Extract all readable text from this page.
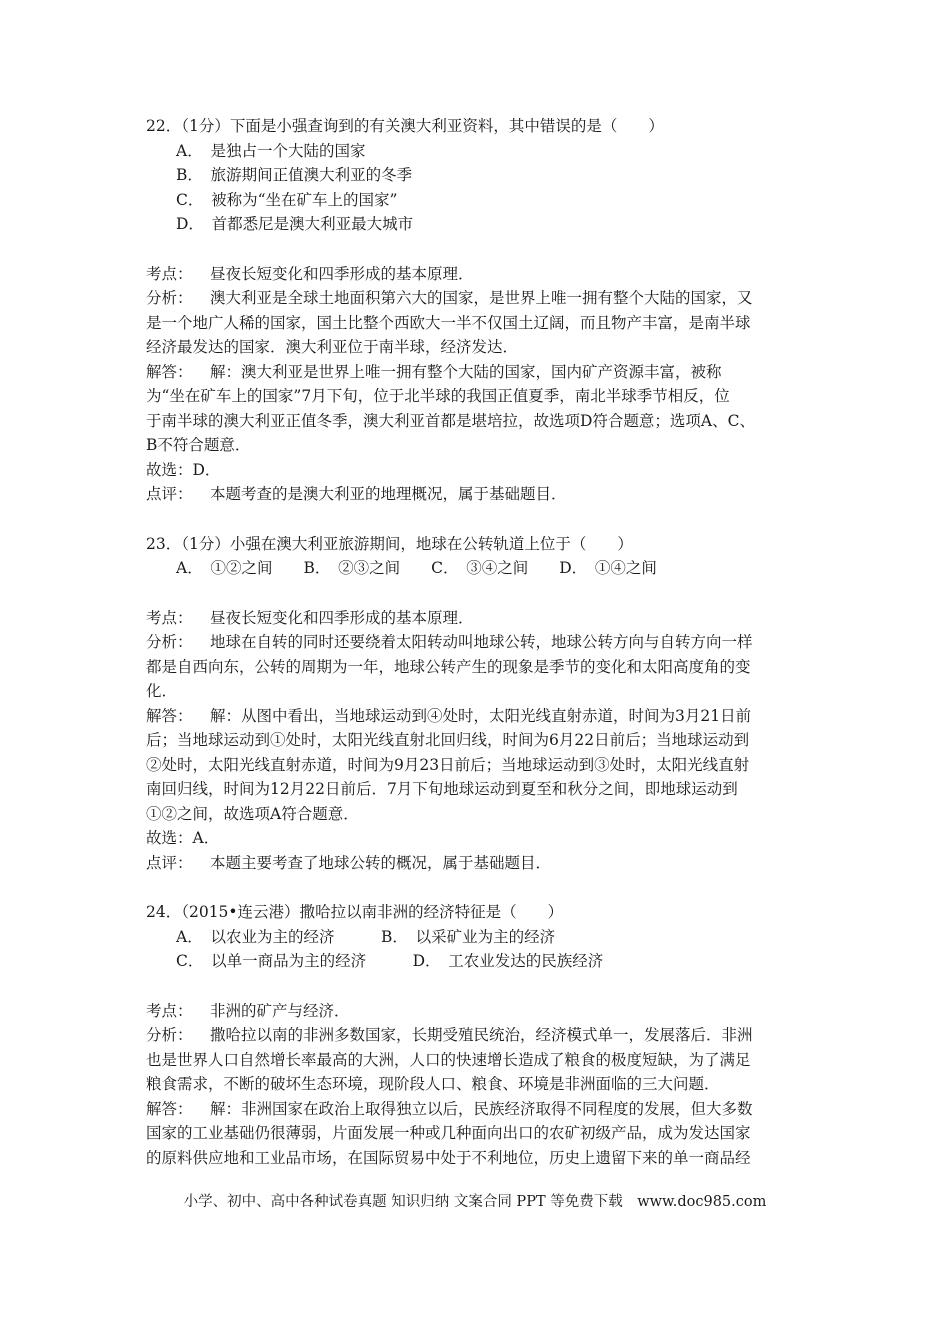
22．（1分）下面是小强查询到的有关澳大利亚资料，其中错误的是（　　）
A．　是独占一个大陆的国家
B．　旅游期间正值澳大利亚的冬季
C．　被称为“坐在矿车上的国家”
D．　首都悉尼是澳大利亚最大城市
考点： 昼夜长短变化和四季形成的基本原理．
分析： 澳大利亚是全球土地面积第六大的国家，是世界上唯一拥有整个大陆的国家，又
是一个地广人稀的国家，国土比整个西欧大一半不仅国土辽阔，而且物产丰富，是南半球
经济最发达的国家．澳大利亚位于南半球，经济发达．
解答： 解：澳大利亚是世界上唯一拥有整个大陆的国家，国内矿产资源丰富，被称
为“坐在矿车上的国家”7月下旬，位于北半球的我国正值夏季，南北半球季节相反，位
于南半球的澳大利亚正值冬季，澳大利亚首都是堪培拉，故选项D符合题意；选项A、C、
B不符合题意．
故选：D．
点评： 本题考查的是澳大利亚的地理概况，属于基础题目．
23．（1分）小强在澳大利亚旅游期间，地球在公转轨道上位于（　　）
A．　①②之间　　B．　②③之间　　C．　③④之间　　D．　①④之间
考点： 昼夜长短变化和四季形成的基本原理．
分析： 地球在自转的同时还要绕着太阳转动叫地球公转，地球公转方向与自转方向一样
都是自西向东，公转的周期为一年，地球公转产生的现象是季节的变化和太阳高度角的变
化．
解答： 解：从图中看出，当地球运动到④处时，太阳光线直射赤道，时间为3月21日前
后；当地球运动到①处时，太阳光线直射北回归线，时间为6月22日前后；当地球运动到
②处时，太阳光线直射赤道，时间为9月23日前后；当地球运动到③处时，太阳光线直射
南回归线，时间为12月22日前后．7月下旬地球运动到夏至和秋分之间，即地球运动到
①②之间，故选项A符合题意．
故选：A．
点评： 本题主要考查了地球公转的概况，属于基础题目．
24．（2015•连云港）撒哈拉以南非洲的经济特征是（　　）
A．　以农业为主的经济　　　B．　以采矿业为主的经济
C．　以单一商品为主的经济　　　D．　工农业发达的民族经济
考点： 非洲的矿产与经济．
分析： 撒哈拉以南的非洲多数国家，长期受殖民统治，经济模式单一，发展落后．非洲
也是世界人口自然增长率最高的大洲，人口的快速增长造成了粮食的极度短缺，为了满足
粮食需求，不断的破坏生态环境，现阶段人口、粮食、环境是非洲面临的三大问题．
解答： 解：非洲国家在政治上取得独立以后，民族经济取得不同程度的发展，但大多数
国家的工业基础仍很薄弱，片面发展一种或几种面向出口的农矿初级产品，成为发达国家
的原料供应地和工业品市场，在国际贸易中处于不利地位，历史上遗留下来的单一商品经
小学、初中、高中各种试卷真题 知识归纳 文案合同 PPT 等免费下载　www.doc985.com
